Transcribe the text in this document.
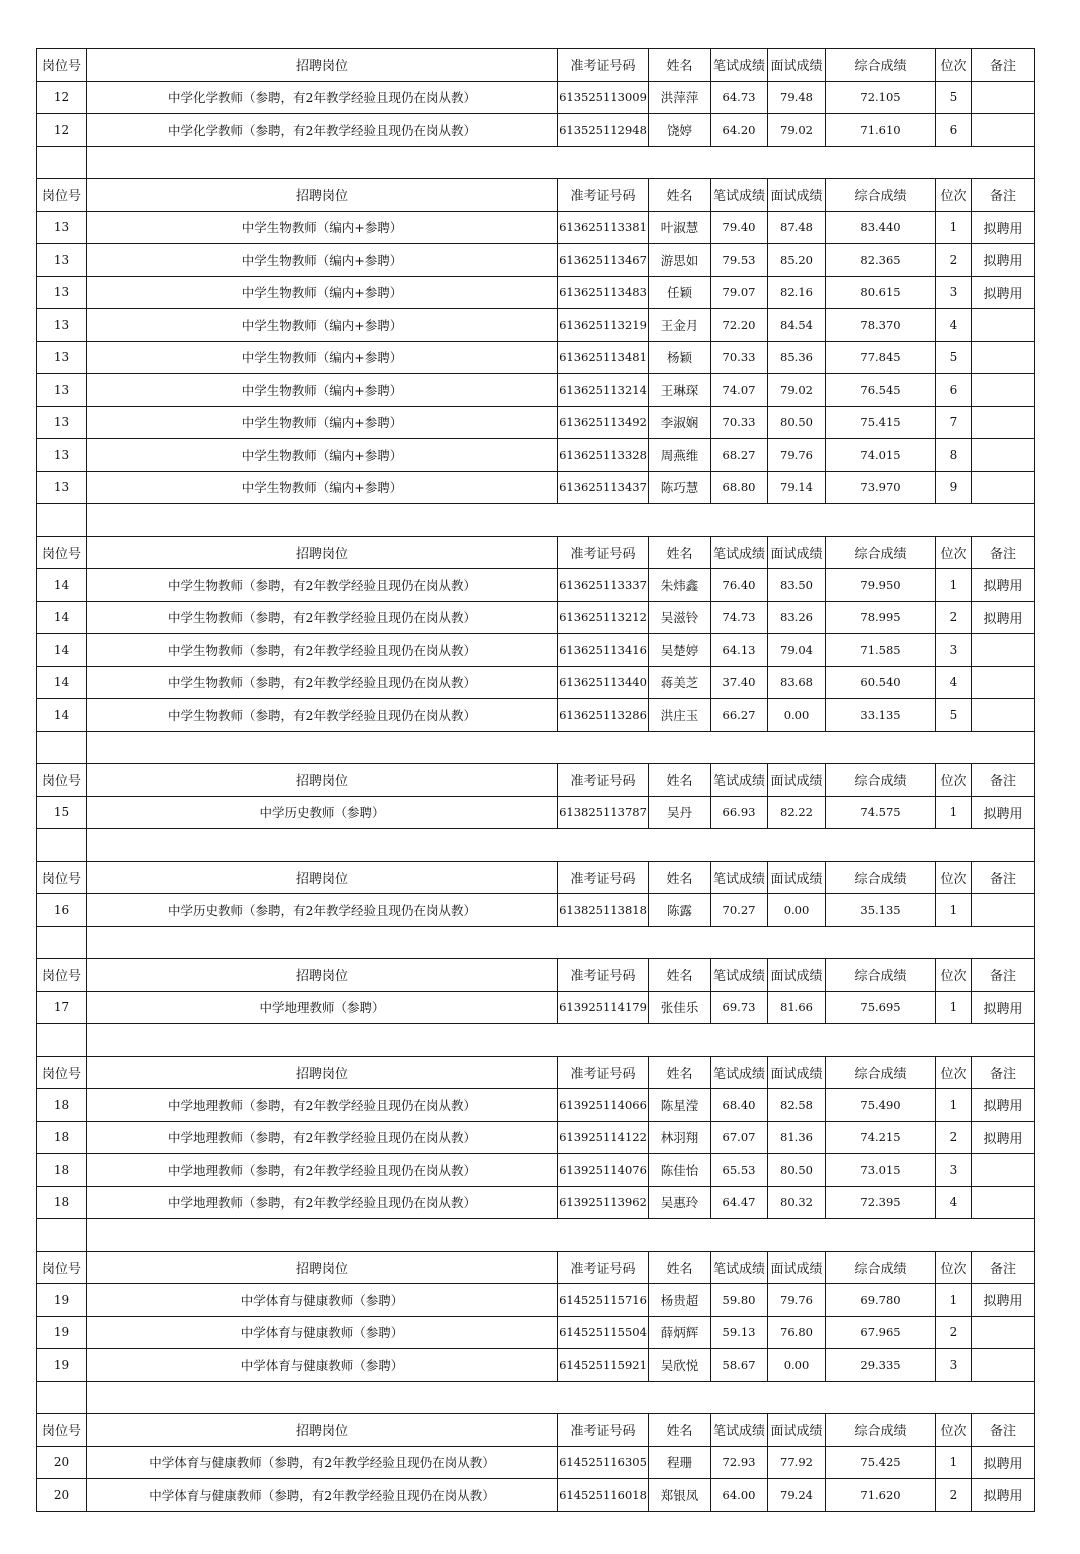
岗位号	招聘岗位	准考证号码	姓名	笔试成绩	面试成绩	综合成绩	位次	备注
12	中学化学教师（参聘，有2年教学经验且现仍在岗从教）	613525113009	洪萍萍	64.73	79.48	72.105	5	
12	中学化学教师（参聘，有2年教学经验且现仍在岗从教）	613525112948	饶婷	64.20	79.02	71.610	6	

岗位号	招聘岗位	准考证号码	姓名	笔试成绩	面试成绩	综合成绩	位次	备注
13	中学生物教师（编内+参聘）	613625113381	叶淑慧	79.40	87.48	83.440	1	拟聘用
13	中学生物教师（编内+参聘）	613625113467	游思如	79.53	85.20	82.365	2	拟聘用
13	中学生物教师（编内+参聘）	613625113483	任颖	79.07	82.16	80.615	3	拟聘用
13	中学生物教师（编内+参聘）	613625113219	王金月	72.20	84.54	78.370	4	
13	中学生物教师（编内+参聘）	613625113481	杨颖	70.33	85.36	77.845	5	
13	中学生物教师（编内+参聘）	613625113214	王琳琛	74.07	79.02	76.545	6	
13	中学生物教师（编内+参聘）	613625113492	李淑娴	70.33	80.50	75.415	7	
13	中学生物教师（编内+参聘）	613625113328	周燕维	68.27	79.76	74.015	8	
13	中学生物教师（编内+参聘）	613625113437	陈巧慧	68.80	79.14	73.970	9	

岗位号	招聘岗位	准考证号码	姓名	笔试成绩	面试成绩	综合成绩	位次	备注
14	中学生物教师（参聘，有2年教学经验且现仍在岗从教）	613625113337	朱炜鑫	76.40	83.50	79.950	1	拟聘用
14	中学生物教师（参聘，有2年教学经验且现仍在岗从教）	613625113212	吴滋铃	74.73	83.26	78.995	2	拟聘用
14	中学生物教师（参聘，有2年教学经验且现仍在岗从教）	613625113416	吴楚婷	64.13	79.04	71.585	3	
14	中学生物教师（参聘，有2年教学经验且现仍在岗从教）	613625113440	蒋美芝	37.40	83.68	60.540	4	
14	中学生物教师（参聘，有2年教学经验且现仍在岗从教）	613625113286	洪庄玉	66.27	0.00	33.135	5	

岗位号	招聘岗位	准考证号码	姓名	笔试成绩	面试成绩	综合成绩	位次	备注
15	中学历史教师（参聘）	613825113787	吴丹	66.93	82.22	74.575	1	拟聘用

岗位号	招聘岗位	准考证号码	姓名	笔试成绩	面试成绩	综合成绩	位次	备注
16	中学历史教师（参聘，有2年教学经验且现仍在岗从教）	613825113818	陈露	70.27	0.00	35.135	1	

岗位号	招聘岗位	准考证号码	姓名	笔试成绩	面试成绩	综合成绩	位次	备注
17	中学地理教师（参聘）	613925114179	张佳乐	69.73	81.66	75.695	1	拟聘用

岗位号	招聘岗位	准考证号码	姓名	笔试成绩	面试成绩	综合成绩	位次	备注
18	中学地理教师（参聘，有2年教学经验且现仍在岗从教）	613925114066	陈星滢	68.40	82.58	75.490	1	拟聘用
18	中学地理教师（参聘，有2年教学经验且现仍在岗从教）	613925114122	林羽翔	67.07	81.36	74.215	2	拟聘用
18	中学地理教师（参聘，有2年教学经验且现仍在岗从教）	613925114076	陈佳怡	65.53	80.50	73.015	3	
18	中学地理教师（参聘，有2年教学经验且现仍在岗从教）	613925113962	吴惠玲	64.47	80.32	72.395	4	

岗位号	招聘岗位	准考证号码	姓名	笔试成绩	面试成绩	综合成绩	位次	备注
19	中学体育与健康教师（参聘）	614525115716	杨贵超	59.80	79.76	69.780	1	拟聘用
19	中学体育与健康教师（参聘）	614525115504	薛炳辉	59.13	76.80	67.965	2	
19	中学体育与健康教师（参聘）	614525115921	吴欣悦	58.67	0.00	29.335	3	

岗位号	招聘岗位	准考证号码	姓名	笔试成绩	面试成绩	综合成绩	位次	备注
20	中学体育与健康教师（参聘，有2年教学经验且现仍在岗从教）	614525116305	程珊	72.93	77.92	75.425	1	拟聘用
20	中学体育与健康教师（参聘，有2年教学经验且现仍在岗从教）	614525116018	郑银凤	64.00	79.24	71.620	2	拟聘用
